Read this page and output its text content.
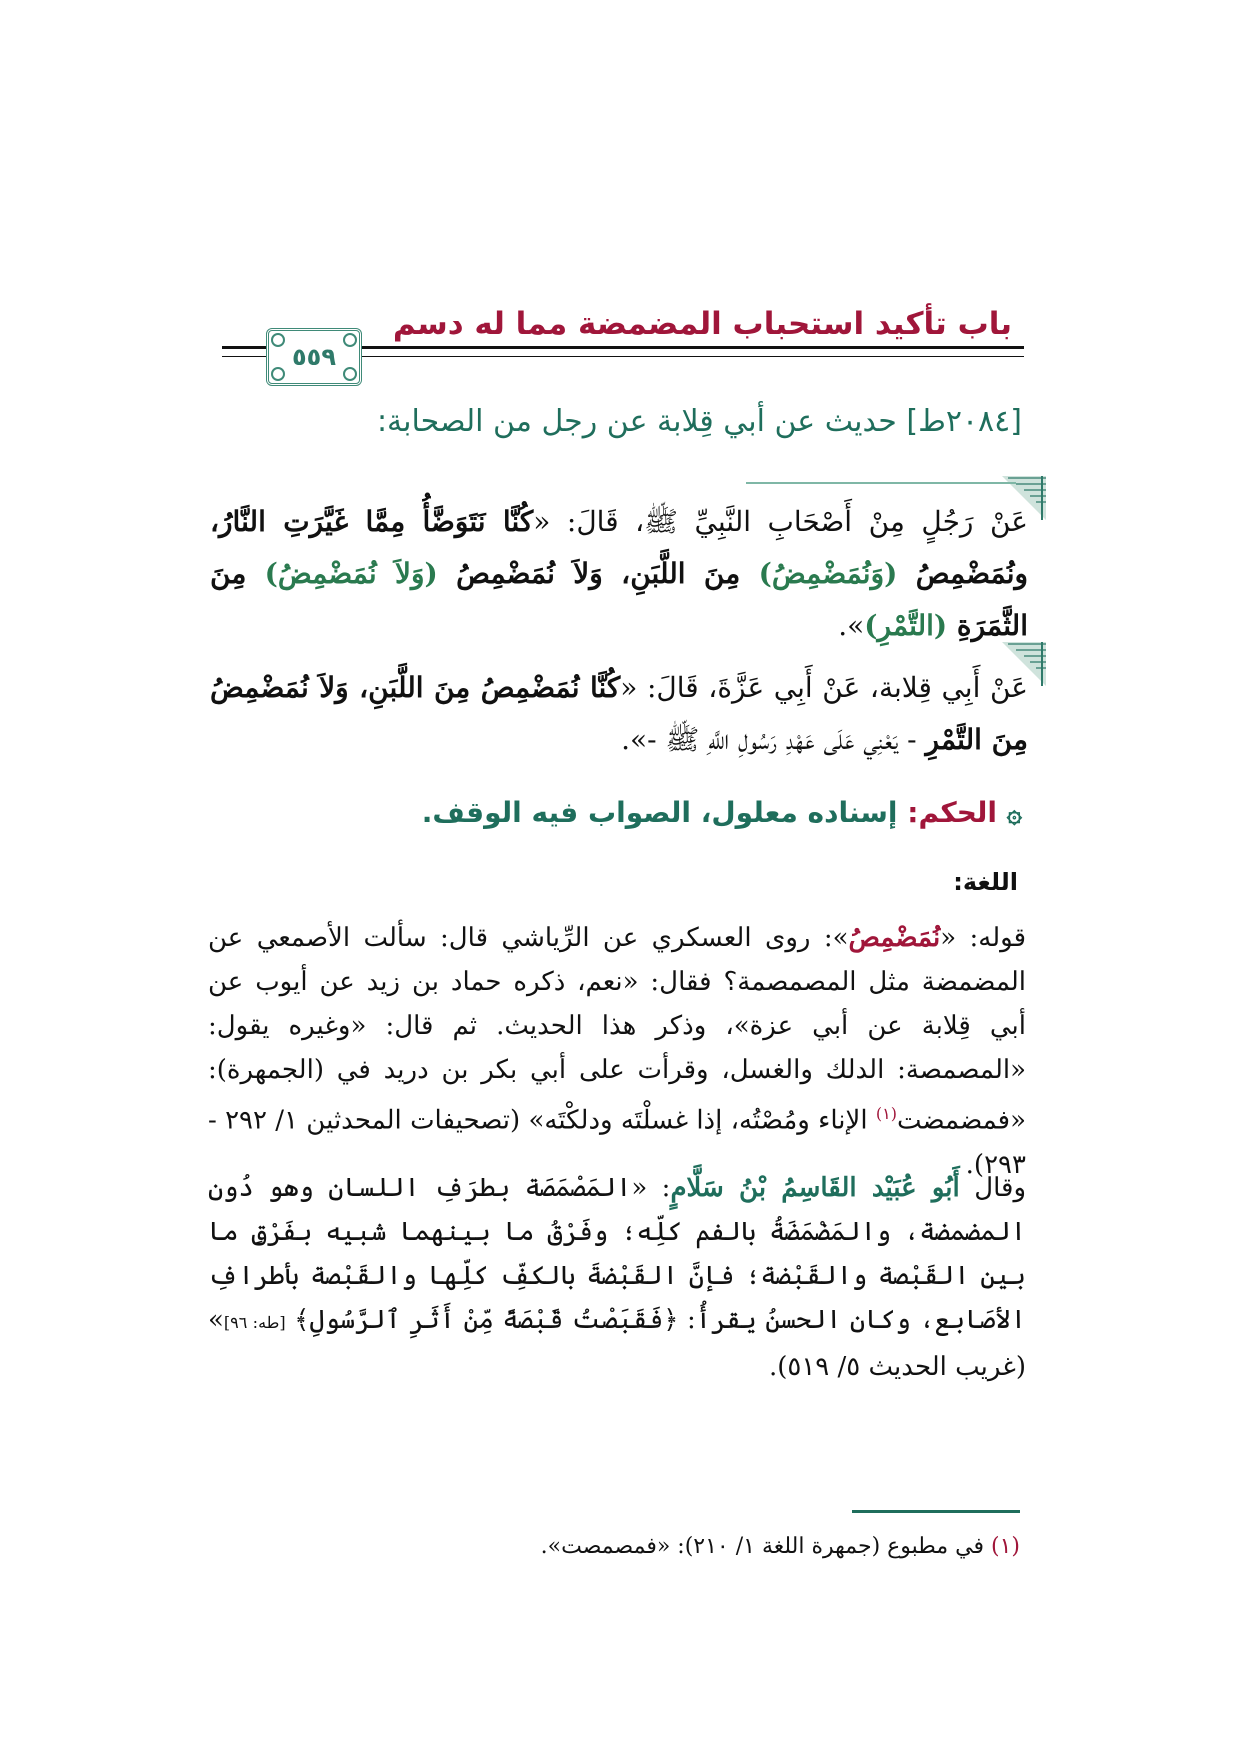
باب تأكيد استحباب المضمضة مما له دسم
٥٥٩
[٢٠٨٤ط] حديث عن أبي قِلابة عن رجل من الصحابة:
عَنْ رَجُلٍ مِنْ أَصْحَابِ النَّبِيِّ ﷺ، قَالَ: «كُنَّا نَتَوَضَّأُ مِمَّا غَيَّرَتِ النَّارُ، ونُمَضْمِصُ (وَنُمَضْمِضُ) مِنَ اللَّبَنِ، وَلاَ نُمَضْمِصُ (وَلاَ نُمَضْمِضُ) مِنَ الثَّمَرَةِ (التَّمْرِ)».
عَنْ أَبِي قِلابة، عَنْ أَبِي عَزَّةَ، قَالَ: «كُنَّا نُمَضْمِصُ مِنَ اللَّبَنِ، وَلاَ نُمَضْمِضُ مِنَ التَّمْرِ - يَعْنِي عَلَى عَهْدِ رَسُولِ اللَّهِ ﷺ -».
۞ الحكم: إسناده معلول، الصواب فيه الوقف.
اللغة:
قوله: «نُمَضْمِصُ»: روى العسكري عن الرِّياشي قال: سألت الأصمعي عن المضمضة مثل المصمصمة؟ فقال: «نعم، ذكره حماد بن زيد عن أيوب عن أبي قِلابة عن أبي عزة»، وذكر هذا الحديث. ثم قال: «وغيره يقول: «المصمصة: الدلك والغسل، وقرأت على أبي بكر بن دريد في (الجمهرة): «فمضمضت$^{(١)}$ الإناء ومُصْتُه، إذا غسلْتَه ودلكْتَه» (تصحيفات المحدثين ١/ ٢٩٢ - ٢٩٣).
وقال أَبُو عُبَيْد القَاسِمُ بْنُ سَلَّامٍ: «المَصْمَصَة بطرَفِ اللسان وهو دُون المضمضة، والمَضْمَضَةُ بالفم كلِّه؛ وفَرْقُ ما بينهما شبيه بفَرْقِ ما بين القَبْصة والقَبْضة؛ فإنَّ القَبْضةَ بالكفِّ كلِّها والقَبْصة بأطرافِ الأصَابع، وكان الحسنُ يقرأُ: ﴿فَقَبَصْتُ قَبْصَةً مِّنْ أَثَرِ ٱلرَّسُولِ﴾ [طه: ٩٦]» (غريب الحديث ٥/ ٥١٩).
(١) في مطبوع (جمهرة اللغة ١/ ٢١٠): «فمصمصت».
